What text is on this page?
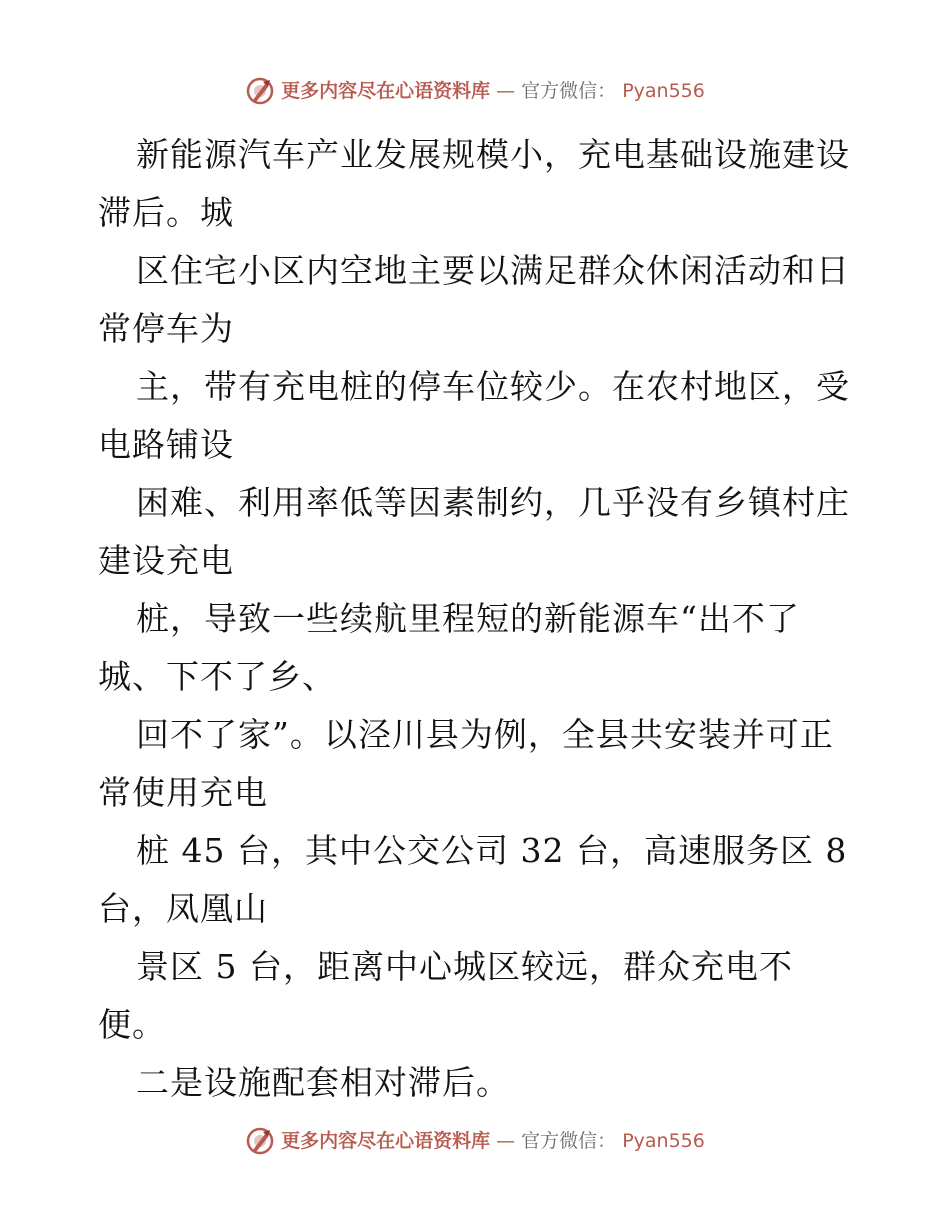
更多内容尽在心语资料库 — 官方微信： Pyan556
新能源汽车产业发展规模小，充电基础设施建设
滞后。城
区住宅小区内空地主要以满足群众休闲活动和日
常停车为
主，带有充电桩的停车位较少。在农村地区，受
电路铺设
困难、利用率低等因素制约，几乎没有乡镇村庄
建设充电
桩，导致一些续航里程短的新能源车“出不了
城、下不了乡、
回不了家”。以泾川县为例，全县共安装并可正
常使用充电
桩 45 台，其中公交公司 32 台，高速服务区 8
台，凤凰山
景区 5 台，距离中心城区较远，群众充电不
便。
二是设施配套相对滞后。
更多内容尽在心语资料库 — 官方微信： Pyan556
